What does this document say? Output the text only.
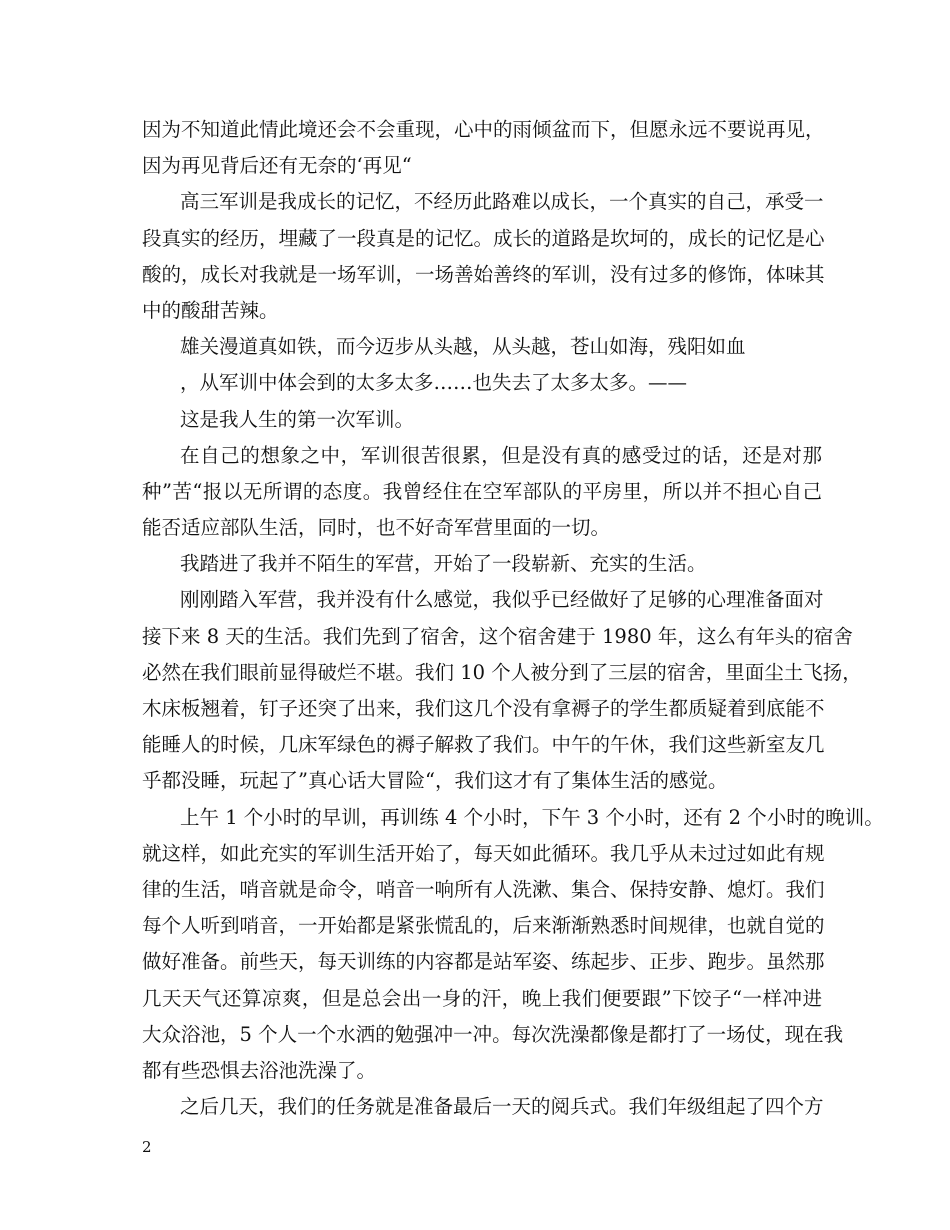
因为不知道此情此境还会不会重现，心中的雨倾盆而下，但愿永远不要说再见，
因为再见背后还有无奈的‘再见“
高三军训是我成长的记忆，不经历此路难以成长，一个真实的自己，承受一
段真实的经历，埋藏了一段真是的记忆。成长的道路是坎坷的，成长的记忆是心
酸的，成长对我就是一场军训，一场善始善终的军训，没有过多的修饰，体味其
中的酸甜苦辣。
雄关漫道真如铁，而今迈步从头越，从头越，苍山如海，残阳如血
，从军训中体会到的太多太多……也失去了太多太多。——
这是我人生的第一次军训。
在自己的想象之中，军训很苦很累，但是没有真的感受过的话，还是对那
种”苦“报以无所谓的态度。我曾经住在空军部队的平房里，所以并不担心自己
能否适应部队生活，同时，也不好奇军营里面的一切。
我踏进了我并不陌生的军营，开始了一段崭新、充实的生活。
刚刚踏入军营，我并没有什么感觉，我似乎已经做好了足够的心理准备面对
接下来 8 天的生活。我们先到了宿舍，这个宿舍建于 1980 年，这么有年头的宿舍
必然在我们眼前显得破烂不堪。我们 10 个人被分到了三层的宿舍，里面尘土飞扬，
木床板翘着，钉子还突了出来，我们这几个没有拿褥子的学生都质疑着到底能不
能睡人的时候，几床军绿色的褥子解救了我们。中午的午休，我们这些新室友几
乎都没睡，玩起了”真心话大冒险“，我们这才有了集体生活的感觉。
上午 1 个小时的早训，再训练 4 个小时，下午 3 个小时，还有 2 个小时的晚训。
就这样，如此充实的军训生活开始了，每天如此循环。我几乎从未过过如此有规
律的生活，哨音就是命令，哨音一响所有人洗漱、集合、保持安静、熄灯。我们
每个人听到哨音，一开始都是紧张慌乱的，后来渐渐熟悉时间规律，也就自觉的
做好准备。前些天，每天训练的内容都是站军姿、练起步、正步、跑步。虽然那
几天天气还算凉爽，但是总会出一身的汗，晚上我们便要跟”下饺子“一样冲进
大众浴池，5 个人一个水洒的勉强冲一冲。每次洗澡都像是都打了一场仗，现在我
都有些恐惧去浴池洗澡了。
之后几天，我们的任务就是准备最后一天的阅兵式。我们年级组起了四个方
2
